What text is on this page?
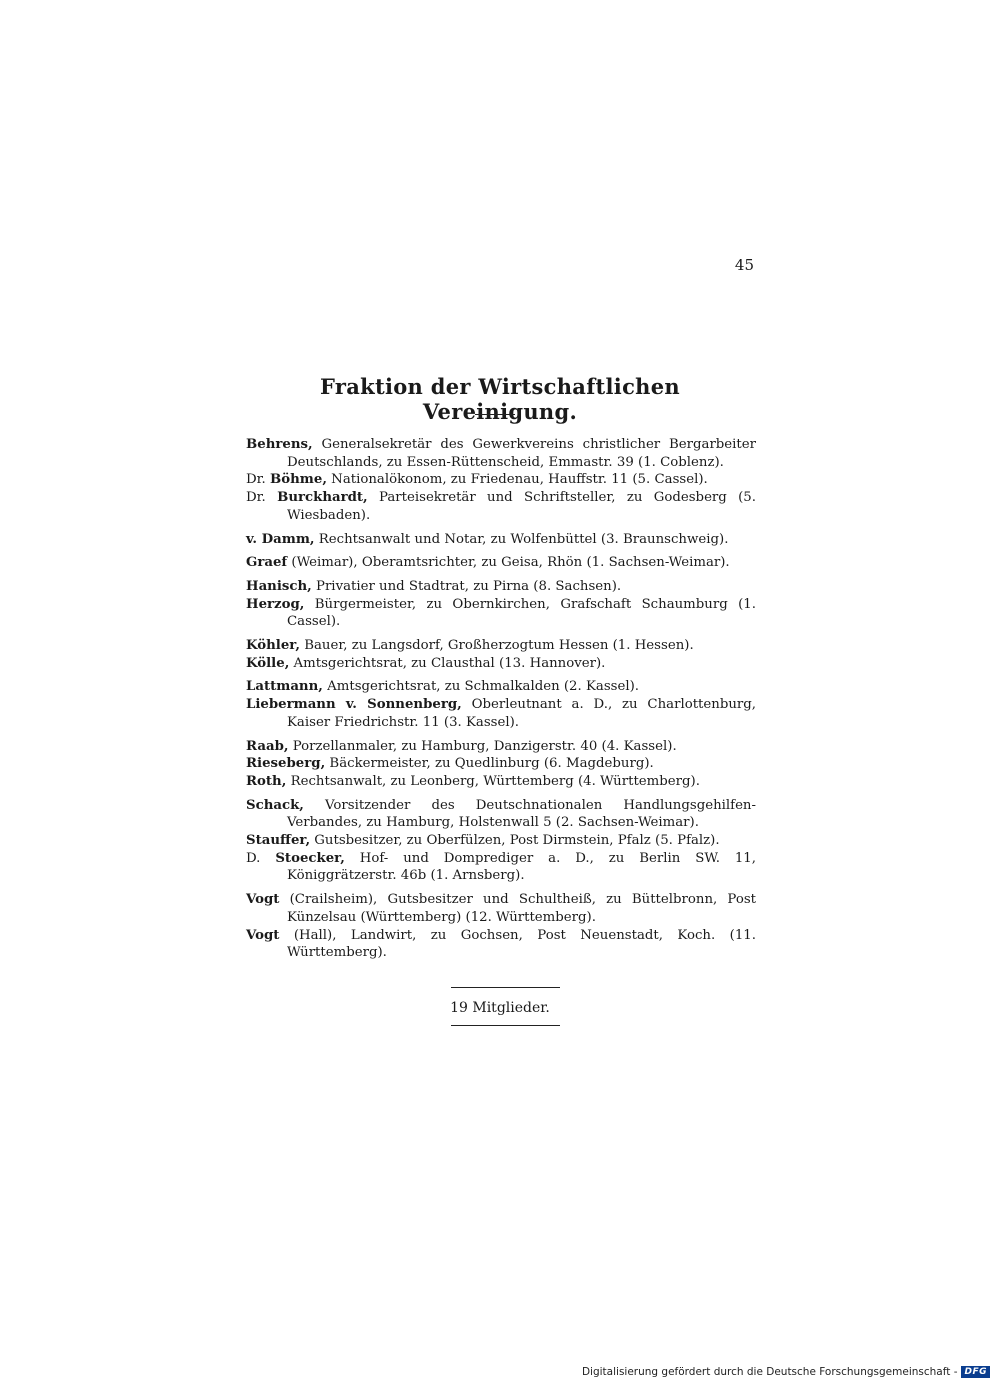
45
Fraktion der Wirtschaftlichen Vereinigung.
Behrens, Generalsekretär des Gewerkvereins christlicher Bergarbeiter Deutschlands, zu Essen-Rüttenscheid, Emmastr. 39 (1. Coblenz).
Dr. Böhme, Nationalökonom, zu Friedenau, Hauffstr. 11 (5. Cassel).
Dr. Burckhardt, Parteisekretär und Schriftsteller, zu Godesberg (5. Wiesbaden).
v. Damm, Rechtsanwalt und Notar, zu Wolfenbüttel (3. Braunschweig).
Graef (Weimar), Oberamtsrichter, zu Geisa, Rhön (1. Sachsen-Weimar).
Hanisch, Privatier und Stadtrat, zu Pirna (8. Sachsen).
Herzog, Bürgermeister, zu Obernkirchen, Grafschaft Schaumburg (1. Cassel).
Köhler, Bauer, zu Langsdorf, Großherzogtum Hessen (1. Hessen).
Kölle, Amtsgerichtsrat, zu Clausthal (13. Hannover).
Lattmann, Amtsgerichtsrat, zu Schmalkalden (2. Kassel).
Liebermann v. Sonnenberg, Oberleutnant a. D., zu Charlottenburg, Kaiser Friedrichstr. 11 (3. Kassel).
Raab, Porzellanmaler, zu Hamburg, Danzigerstr. 40 (4. Kassel).
Rieseberg, Bäckermeister, zu Quedlinburg (6. Magdeburg).
Roth, Rechtsanwalt, zu Leonberg, Württemberg (4. Württemberg).
Schack, Vorsitzender des Deutschnationalen Handlungsgehilfen-Verbandes, zu Hamburg, Holstenwall 5 (2. Sachsen-Weimar).
Stauffer, Gutsbesitzer, zu Oberfülzen, Post Dirmstein, Pfalz (5. Pfalz).
D. Stoecker, Hof- und Domprediger a. D., zu Berlin SW. 11, Königgrätzerstr. 46b (1. Arnsberg).
Vogt (Crailsheim), Gutsbesitzer und Schultheiß, zu Büttelbronn, Post Künzelsau (Württemberg) (12. Württemberg).
Vogt (Hall), Landwirt, zu Gochsen, Post Neuenstadt, Koch. (11. Württemberg).
19 Mitglieder.
Digitalisierung gefördert durch die Deutsche Forschungsgemeinschaft - DFG
